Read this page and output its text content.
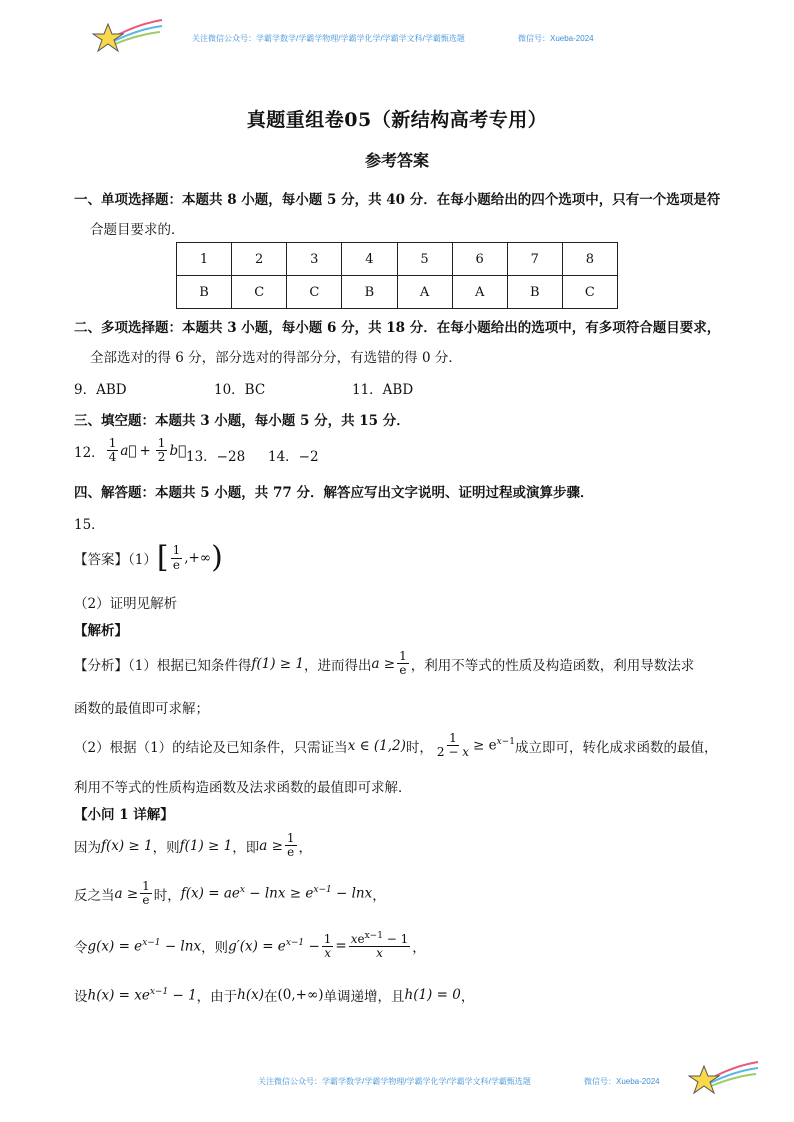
关注微信公众号：学霸学数学/学霸学物理/学霸学化学/学霸学文科/学霸甄选题	微信号：Xueba-2024
真题重组卷05（新结构高考专用）
参考答案
一、单项选择题：本题共 8 小题，每小题 5 分，共 40 分．在每小题给出的四个选项中，只有一个选项是符
合题目要求的．
1	2	3	4	5	6	7	8
B	C	C	B	A	A	B	C
二、多项选择题：本题共 3 小题，每小题 6 分，共 18 分．在每小题给出的选项中，有多项符合题目要求，
全部选对的得 6 分，部分选对的得部分分，有选错的得 0 分．
9．ABD	10．BC	11．ABD
三、填空题：本题共 3 小题，每小题 5 分，共 15 分．
12． $\frac{1}{4}$ a⃗ + $\frac{1}{2}$ b⃗ 13．−28 14．−2
四、解答题：本题共 5 小题，共 77 分．解答应写出文字说明、证明过程或演算步骤．
15．
【答案】（1） [ $\frac{1}{e}$ ,+∞ )
（2）证明见解析
【解析】
【分析】（1）根据已知条件得 f(1) ≥ 1 ，进而得出 $a \ge \frac{1}{e}$ ，利用不等式的性质及构造函数，利用导数法求
函数的最值即可求解；
（2）根据（1）的结论及已知条件，只需证当 x ∈ (1,2) 时， $\frac{1}{2 - x} \ge e^{x-1}$ 成立即可，转化成求函数的最值，
利用不等式的性质构造函数及法求函数的最值即可求解．
【小问 1 详解】
因为 f(x) ≥ 1 ，则 f(1) ≥ 1 ，即 $a \ge \frac{1}{e}$ ，
反之当 $a \ge \frac{1}{e}$ 时， $f(x) = ae^x - \ln x \ge e^{x-1} - \ln x$ ，
令 $g(x) = e^{x-1} - \ln x$ ，则 $g'(x) = e^{x-1} - \frac{1}{x} = \frac{xe^{x-1} - 1}{x}$ ，
设 $h(x) = xe^{x-1} - 1$ ，由于 h(x) 在 (0,+∞) 单调递增，且 h(1) = 0 ，
关注微信公众号：学霸学数学/学霸学物理/学霸学化学/学霸学文科/学霸甄选题	微信号：Xueba-2024
